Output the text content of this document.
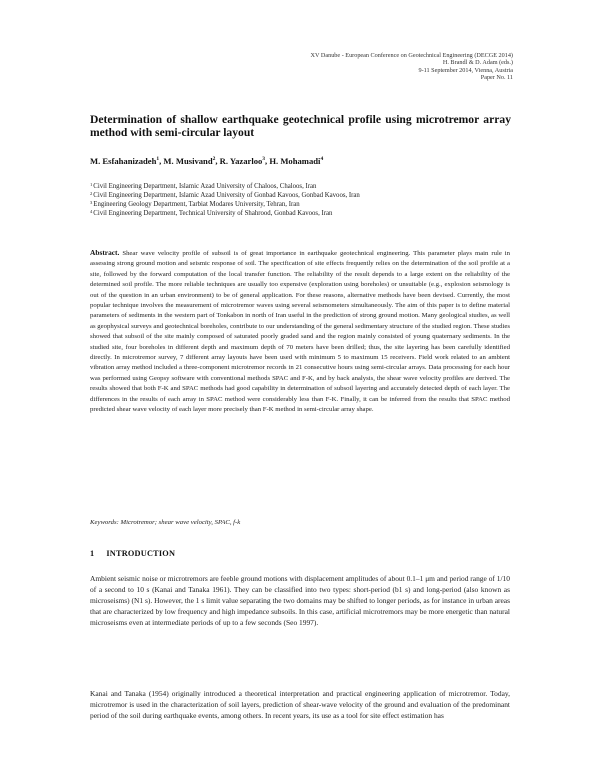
XV Danube - European Conference on Geotechnical Engineering (DECGE 2014)
H. Brandl & D. Adam (eds.)
9-11 September 2014, Vienna, Austria
Paper No. 11
Determination of shallow earthquake geotechnical profile using microtremor array method with semi-circular layout
M. Esfahanizadeh$^1$, M. Musivand$^2$, R. Yazarloo$^3$, H. Mohamadi$^4$
$^1$Civil Engineering Department, Islamic Azad University of Chaloos, Chaloos, Iran
$^2$Civil Engineering Department, Islamic Azad University of Gonbad Kavoos, Gonbad Kavoos, Iran
$^3$Engineering Geology Department, Tarbiat Modares University, Tehran, Iran
$^4$Civil Engineering Department, Technical University of Shahrood, Gonbad Kavoos, Iran

Abstract. Shear wave velocity profile of subsoil is of great importance in earthquake geotechnical engineering. This parameter plays main rule in assessing strong ground motion and seismic response of soil. The specification of site effects frequently relies on the determination of the soil profile at a site, followed by the forward computation of the local transfer function. The reliability of the result depends to a large extent on the reliability of the determined soil profile. The more reliable techniques are usually too expensive (exploration using boreholes) or unsuitable (e.g., explosion seismology is out of the question in an urban environment) to be of general application. For these reasons, alternative methods have been devised. Currently, the most popular technique involves the measurement of microtremor waves using several seismometers simultaneously. The aim of this paper is to define material parameters of sediments in the western part of Tonkabon in north of Iran useful in the prediction of strong ground motion. Many geological studies, as well as geophysical surveys and geotechnical boreholes, contribute to our understanding of the general sedimentary structure of the studied region. These studies showed that subsoil of the site mainly composed of saturated poorly graded sand and the region mainly consisted of young quaternary sediments. In the studied site, four boreholes in different depth and maximum depth of 70 meters have been drilled; thus, the site layering has been carefully identified directly. In microtremor survey, 7 different array layouts have been used with minimum 5 to maximum 15 receivers. Field work related to an ambient vibration array method included a three-component microtremor records in 21 consecutive hours using semi-circular arrays. Data processing for each hour was performed using Geopsy software with conventional methods SPAC and F-K, and by back analysis, the shear wave velocity profiles are derived. The results showed that both F-K and SPAC methods had good capability in determination of subsoil layering and accurately detected depth of each layer. The differences in the results of each array in SPAC method were considerably less than F-K. Finally, it can be inferred from the results that SPAC method predicted shear wave velocity of each layer more precisely than F-K method in semi-circular array shape.

Keywords: Microtremor; shear wave velocity, SPAC, f-k
1 INTRODUCTION

Ambient seismic noise or microtremors are feeble ground motions with displacement amplitudes of about 0.1–1 μm and period range of 1/10 of a second to 10 s (Kanai and Tanaka 1961). They can be classified into two types: short-period (b1 s) and long-period (also known as microseisms) (N1 s). However, the 1 s limit value separating the two domains may be shifted to longer periods, as for instance in urban areas that are characterized by low frequency and high impedance subsoils. In this case, artificial microtremors may be more energetic than natural microseisms even at intermediate periods of up to a few seconds (Seo 1997).

Kanai and Tanaka (1954) originally introduced a theoretical interpretation and practical engineering application of microtremor. Today, microtremor is used in the characterization of soil layers, prediction of shear-wave velocity of the ground and evaluation of the predominant period of the soil during earthquake events, among others. In recent years, its use as a tool for site effect estimation has
